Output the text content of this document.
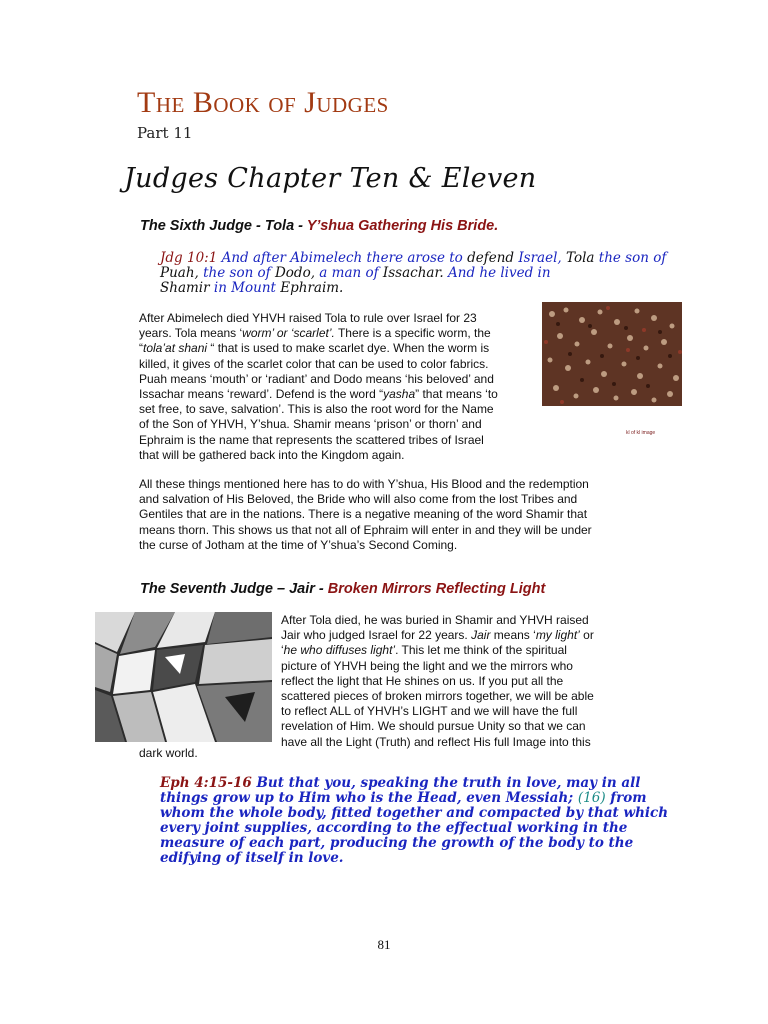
The Book of Judges
Part 11
Judges Chapter Ten & Eleven
The Sixth Judge - Tola - Y’shua Gathering His Bride.
Jdg 10:1 And after Abimelech there arose to defend Israel, Tola the son of
Puah, the son of Dodo, a man of Issachar. And he lived in
Shamir in Mount Ephraim.
After Abimelech died YHVH raised Tola to rule over Israel for 23
years. Tola means ‘worm’ or ‘scarlet’. There is a specific worm, the
“tola’at shani “ that is used to make scarlet dye. When the worm is
killed, it gives of the scarlet color that can be used to color fabrics.
Puah means ‘mouth’ or ‘radiant’ and Dodo means ‘his beloved’ and
Issachar means ‘reward’. Defend is the word “yasha” that means ‘to
set free, to save, salvation’. This is also the root word for the Name
of the Son of YHVH, Y’shua. Shamir means ‘prison’ or thorn’ and
Ephraim is the name that represents the scattered tribes of Israel
that will be gathered back into the Kingdom again.
kl of kl image
All these things mentioned here has to do with Y’shua, His Blood and the redemption
and salvation of His Beloved, the Bride who will also come from the lost Tribes and
Gentiles that are in the nations. There is a negative meaning of the word Shamir that
means thorn. This shows us that not all of Ephraim will enter in and they will be under
the curse of Jotham at the time of Y’shua’s Second Coming.
The Seventh Judge – Jair - Broken Mirrors Reflecting Light
After Tola died, he was buried in Shamir and YHVH raised
Jair who judged Israel for 22 years. Jair means ‘my light’ or
‘he who diffuses light’. This let me think of the spiritual
picture of YHVH being the light and we the mirrors who
reflect the light that He shines on us. If you put all the
scattered pieces of broken mirrors together, we will be able
to reflect ALL of YHVH’s LIGHT and we will have the full
revelation of Him. We should pursue Unity so that we can
have all the Light (Truth) and reflect His full Image into this
dark world.
Eph 4:15-16 But that you, speaking the truth in love, may in all
things grow up to Him who is the Head, even Messiah; (16) from
whom the whole body, fitted together and compacted by that which
every joint supplies, according to the effectual working in the
measure of each part, producing the growth of the body to the
edifying of itself in love.
81
